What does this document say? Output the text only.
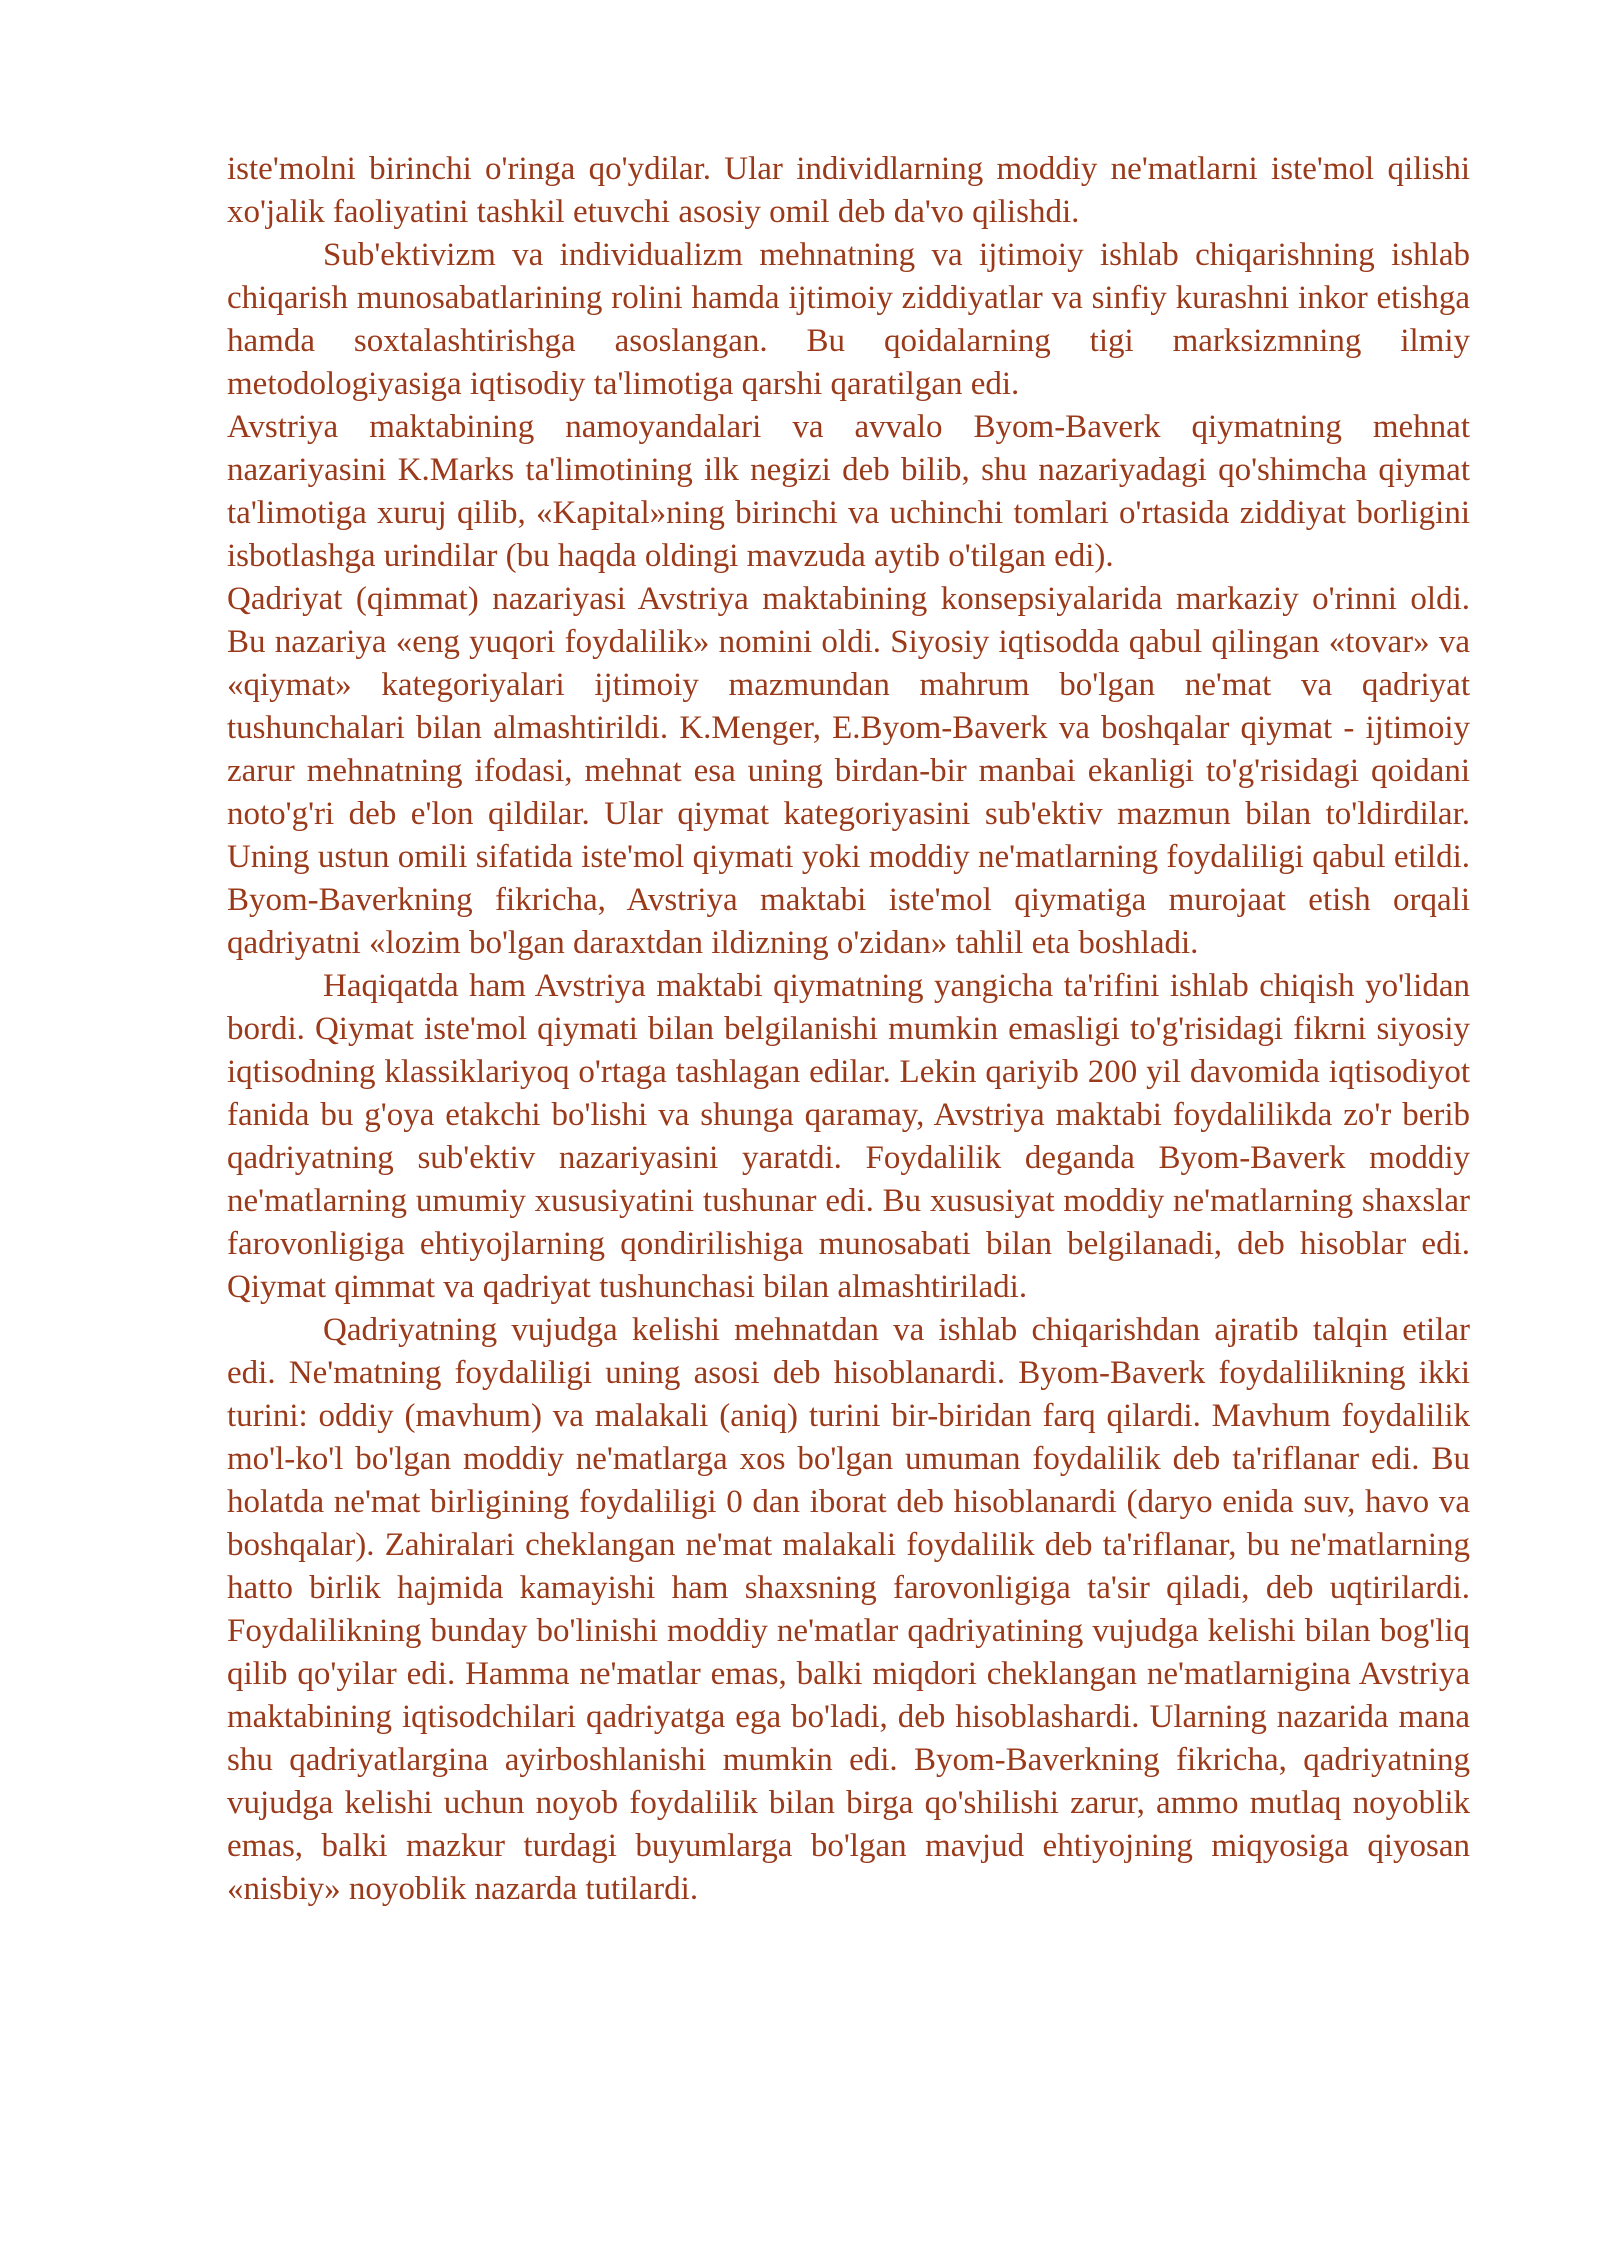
iste'molni birinchi o'ringa qo'ydilar. Ular individlarning moddiy ne'matlarni iste'mol qilishi xo'jalik faoliyatini tashkil etuvchi asosiy omil deb da'vo qilishdi.

Sub'ektivizm va individualizm mehnatning va ijtimoiy ishlab chiqarishning ishlab chiqarish munosabatlarining rolini hamda ijtimoiy ziddiyatlar va sinfiy kurashni inkor etishga hamda soxtalashtirishga asoslangan. Bu qoidalarning tigi marksizmning ilmiy metodologiyasiga iqtisodiy ta'limotiga qarshi qaratilgan edi.

Avstriya maktabining namoyandalari va avvalo Byom-Baverk qiymatning mehnat nazariyasini K.Marks ta'limotining ilk negizi deb bilib, shu nazariyadagi qo'shimcha qiymat ta'limotiga xuruj qilib, «Kapital»ning birinchi va uchinchi tomlari o'rtasida ziddiyat borligini isbotlashga urindilar (bu haqda oldingi mavzuda aytib o'tilgan edi).

Qadriyat (qimmat) nazariyasi Avstriya maktabining konsepsiyalarida markaziy o'rinni oldi. Bu nazariya «eng yuqori foydalilik» nomini oldi. Siyosiy iqtisodda qabul qilingan «tovar» va «qiymat» kategoriyalari ijtimoiy mazmundan mahrum bo'lgan ne'mat va qadriyat tushunchalari bilan almashtirildi. K.Menger, E.Byom-Baverk va boshqalar qiymat - ijtimoiy zarur mehnatning ifodasi, mehnat esa uning birdan-bir manbai ekanligi to'g'risidagi qoidani noto'g'ri deb e'lon qildilar. Ular qiymat kategoriyasini sub'ektiv mazmun bilan to'ldirdilar. Uning ustun omili sifatida iste'mol qiymati yoki moddiy ne'matlarning foydaliligi qabul etildi. Byom-Baverkning fikricha, Avstriya maktabi iste'mol qiymatiga murojaat etish orqali qadriyatni «lozim bo'lgan daraxtdan ildizning o'zidan» tahlil eta boshladi.

Haqiqatda ham Avstriya maktabi qiymatning yangicha ta'rifini ishlab chiqish yo'lidan bordi. Qiymat iste'mol qiymati bilan belgilanishi mumkin emasligi to'g'risidagi fikrni siyosiy iqtisodning klassiklariyoq o'rtaga tashlagan edilar. Lekin qariyib 200 yil davomida iqtisodiyot fanida bu g'oya etakchi bo'lishi va shunga qaramay, Avstriya maktabi foydalilikda zo'r berib qadriyatning sub'ektiv nazariyasini yaratdi. Foydalilik deganda Byom-Baverk moddiy ne'matlarning umumiy xususiyatini tushunar edi. Bu xususiyat moddiy ne'matlarning shaxslar farovonligiga ehtiyojlarning qondirilishiga munosabati bilan belgilanadi, deb hisoblar edi. Qiymat qimmat va qadriyat tushunchasi bilan almashtiriladi.

Qadriyatning vujudga kelishi mehnatdan va ishlab chiqarishdan ajratib talqin etilar edi. Ne'matning foydaliligi uning asosi deb hisoblanardi. Byom-Baverk foydalilikning ikki turini: oddiy (mavhum) va malakali (aniq) turini bir-biridan farq qilardi. Mavhum foydalilik mo'l-ko'l bo'lgan moddiy ne'matlarga xos bo'lgan umuman foydalilik deb ta'riflanar edi. Bu holatda ne'mat birligining foydaliligi 0 dan iborat deb hisoblanardi (daryo enida suv, havo va boshqalar). Zahiralari cheklangan ne'mat malakali foydalilik deb ta'riflanar, bu ne'matlarning hatto birlik hajmida kamayishi ham shaxsning farovonligiga ta'sir qiladi, deb uqtirilardi. Foydalilikning bunday bo'linishi moddiy ne'matlar qadriyatining vujudga kelishi bilan bog'liq qilib qo'yilar edi. Hamma ne'matlar emas, balki miqdori cheklangan ne'matlarnigina Avstriya maktabining iqtisodchilari qadriyatga ega bo'ladi, deb hisoblashardi. Ularning nazarida mana shu qadriyatlargina ayirboshlanishi mumkin edi. Byom-Baverkning fikricha, qadriyatning vujudga kelishi uchun noyob foydalilik bilan birga qo'shilishi zarur, ammo mutlaq noyoblik emas, balki mazkur turdagi buyumlarga bo'lgan mavjud ehtiyojning miqyosiga qiyosan «nisbiy» noyoblik nazarda tutilardi.
